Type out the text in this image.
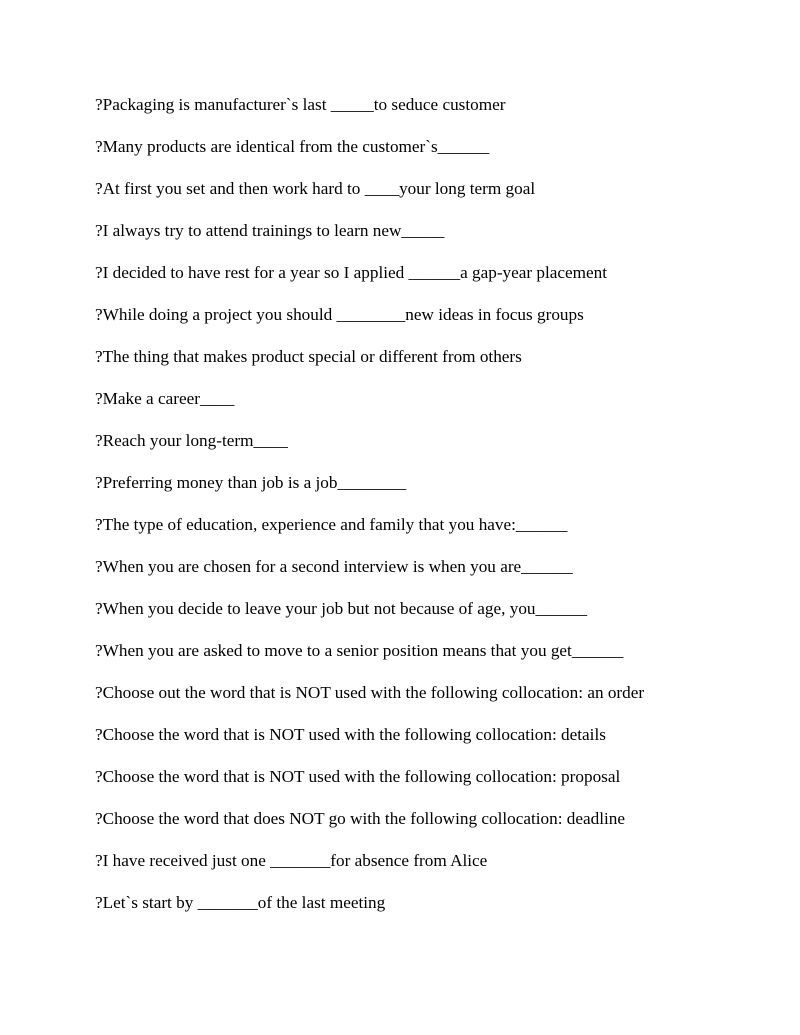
?Packaging is manufacturer`s last _____to seduce customer
?Many products are identical from the customer`s______
?At first you set and then work hard to ____your long term goal
?I always try to attend trainings to learn new_____
?I decided to have rest for a year so I applied ______a gap-year placement
?While doing a project you should ________new ideas in focus groups
?The thing that makes product special or different from others
?Make a career____
?Reach your long-term____
?Preferring money than job is a job________
?The type of education, experience and family that you have:______
?When you are chosen for a second interview is when you are______
?When you decide to leave your job but not because of age, you______
?When you are asked to move to a senior position means that you get______
?Choose out the word that is NOT used with the following collocation: an order
?Choose the word that is NOT used with the following collocation: details
?Choose the word that is NOT used with the following collocation: proposal
?Choose the word that does NOT go with the following collocation: deadline
?I have received just one _______for absence from Alice
?Let`s start by _______of the last meeting
